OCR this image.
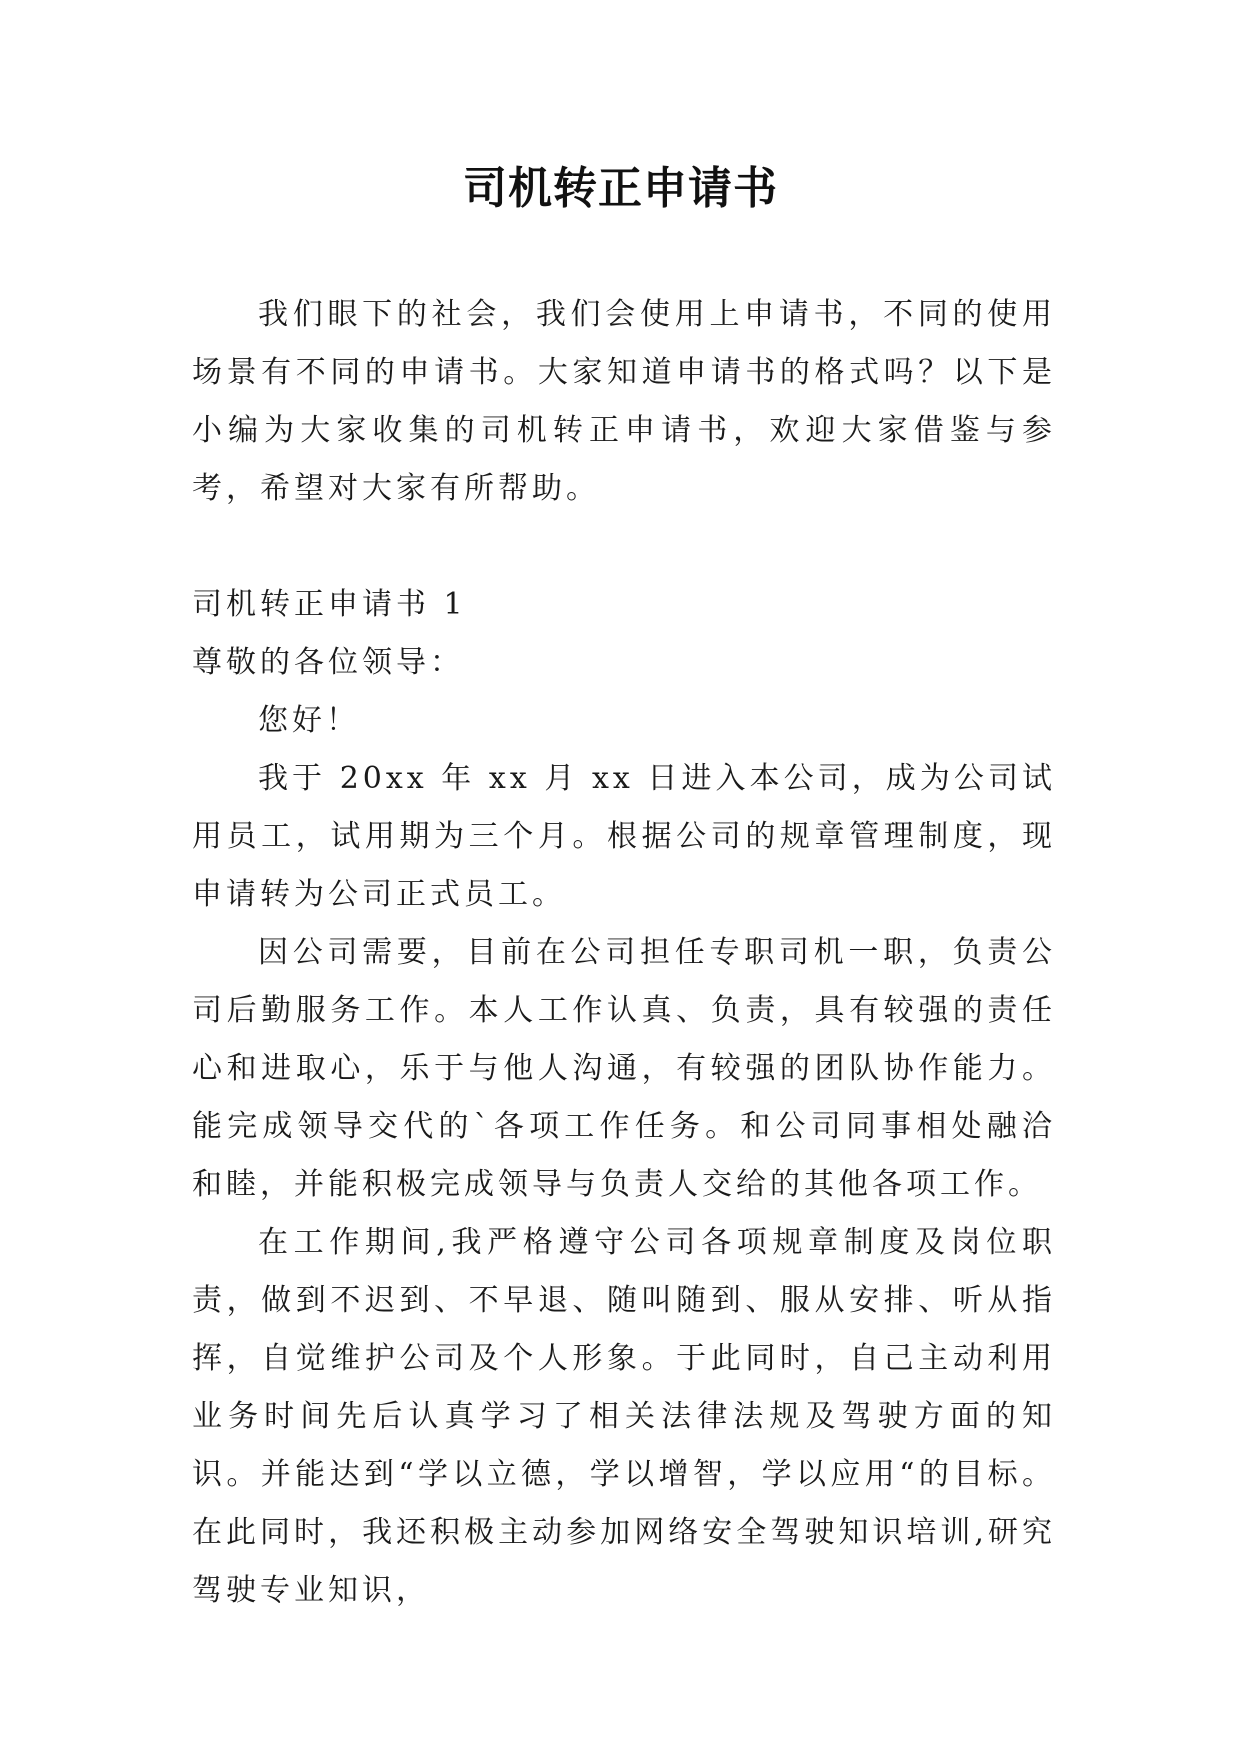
司机转正申请书

我们眼下的社会，我们会使用上申请书，不同的使用场景有不同的申请书。大家知道申请书的格式吗？以下是小编为大家收集的司机转正申请书，欢迎大家借鉴与参考，希望对大家有所帮助。

司机转正申请书 1

尊敬的各位领导：

您好！

我于 20xx 年 xx 月 xx 日进入本公司，成为公司试用员工，试用期为三个月。根据公司的规章管理制度，现申请转为公司正式员工。

因公司需要，目前在公司担任专职司机一职，负责公司后勤服务工作。本人工作认真、负责，具有较强的责任心和进取心，乐于与他人沟通，有较强的团队协作能力。能完成领导交代的`各项工作任务。和公司同事相处融洽和睦，并能积极完成领导与负责人交给的其他各项工作。

在工作期间,我严格遵守公司各项规章制度及岗位职责，做到不迟到、不早退、随叫随到、服从安排、听从指挥，自觉维护公司及个人形象。于此同时，自己主动利用业务时间先后认真学习了相关法律法规及驾驶方面的知识。并能达到“学以立德，学以增智，学以应用“的目标。在此同时，我还积极主动参加网络安全驾驶知识培训,研究驾驶专业知识，
